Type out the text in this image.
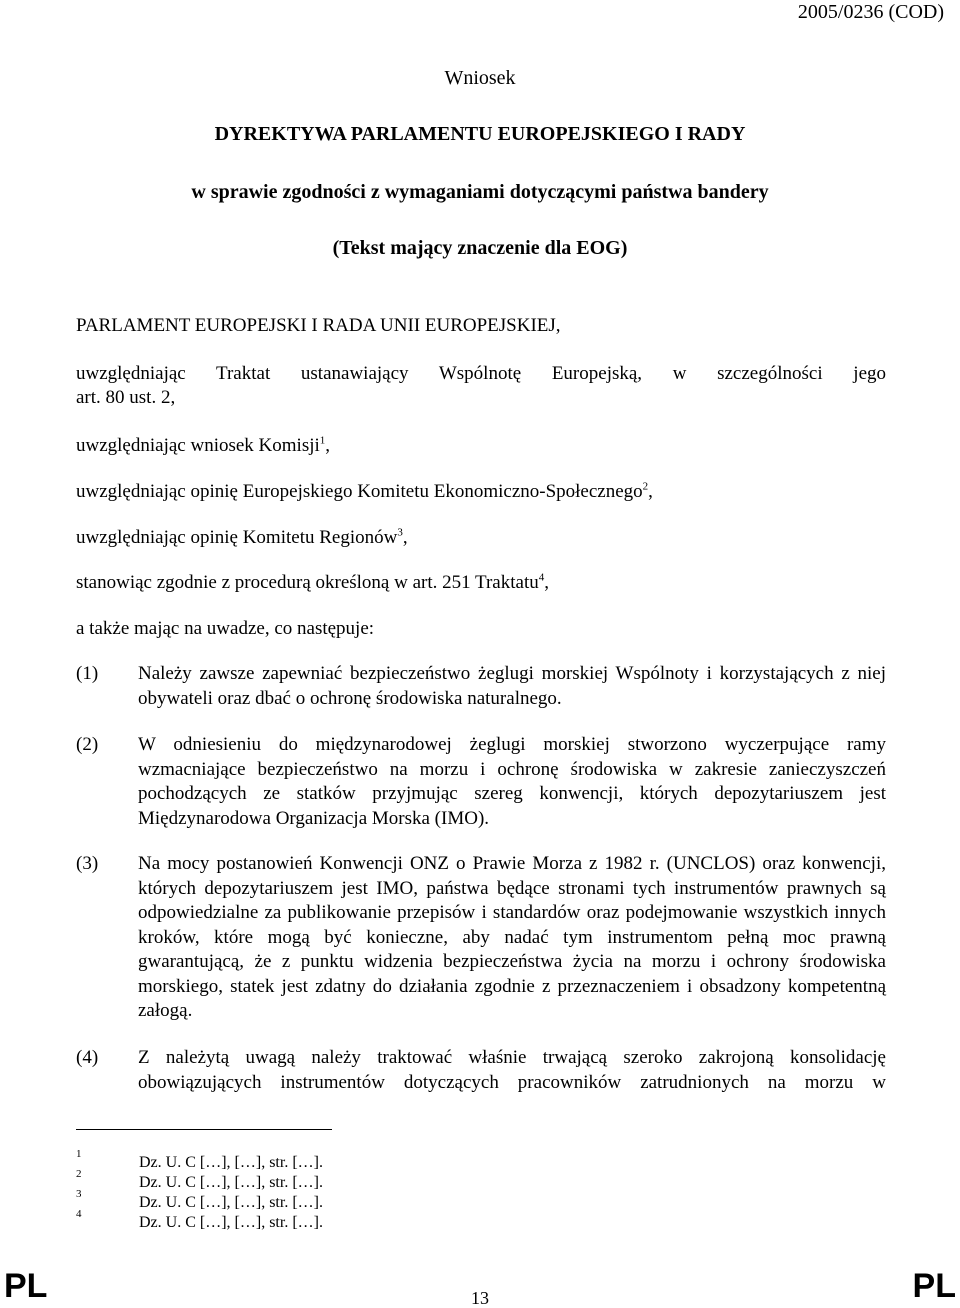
2005/0236 (COD)
Wniosek
DYREKTYWA PARLAMENTU EUROPEJSKIEGO I RADY
w sprawie zgodności z wymaganiami dotyczącymi państwa bandery
(Tekst mający znaczenie dla EOG)
PARLAMENT EUROPEJSKI I RADA UNII EUROPEJSKIEJ,
uwzględniając Traktat ustanawiający Wspólnotę Europejską, w szczególności jego
art. 80 ust. 2,
uwzględniając wniosek Komisji$^1$,
uwzględniając opinię Europejskiego Komitetu Ekonomiczno-Społecznego$^2$,
uwzględniając opinię Komitetu Regionów$^3$,
stanowiąc zgodnie z procedurą określoną w art. 251 Traktatu$^4$,
a także mając na uwadze, co następuje:
(1) Należy zawsze zapewniać bezpieczeństwo żeglugi morskiej Wspólnoty i korzystających z niej obywateli oraz dbać o ochronę środowiska naturalnego.
(2) W odniesieniu do międzynarodowej żeglugi morskiej stworzono wyczerpujące ramy wzmacniające bezpieczeństwo na morzu i ochronę środowiska w zakresie zanieczyszczeń pochodzących ze statków przyjmując szereg konwencji, których depozytariuszem jest Międzynarodowa Organizacja Morska (IMO).
(3) Na mocy postanowień Konwencji ONZ o Prawie Morza z 1982 r. (UNCLOS) oraz konwencji, których depozytariuszem jest IMO, państwa będące stronami tych instrumentów prawnych są odpowiedzialne za publikowanie przepisów i standardów oraz podejmowanie wszystkich innych kroków, które mogą być konieczne, aby nadać tym instrumentom pełną moc prawną gwarantującą, że z punktu widzenia bezpieczeństwa życia na morzu i ochrony środowiska morskiego, statek jest zdatny do działania zgodnie z przeznaczeniem i obsadzony kompetentną załogą.
(4) Z należytą uwagą należy traktować właśnie trwającą szeroko zakrojoną konsolidację obowiązujących instrumentów dotyczących pracowników zatrudnionych na morzu w
1	Dz. U. C […], […], str. […].
2	Dz. U. C […], […], str. […].
3	Dz. U. C […], […], str. […].
4	Dz. U. C […], […], str. […].
PL	13	PL
